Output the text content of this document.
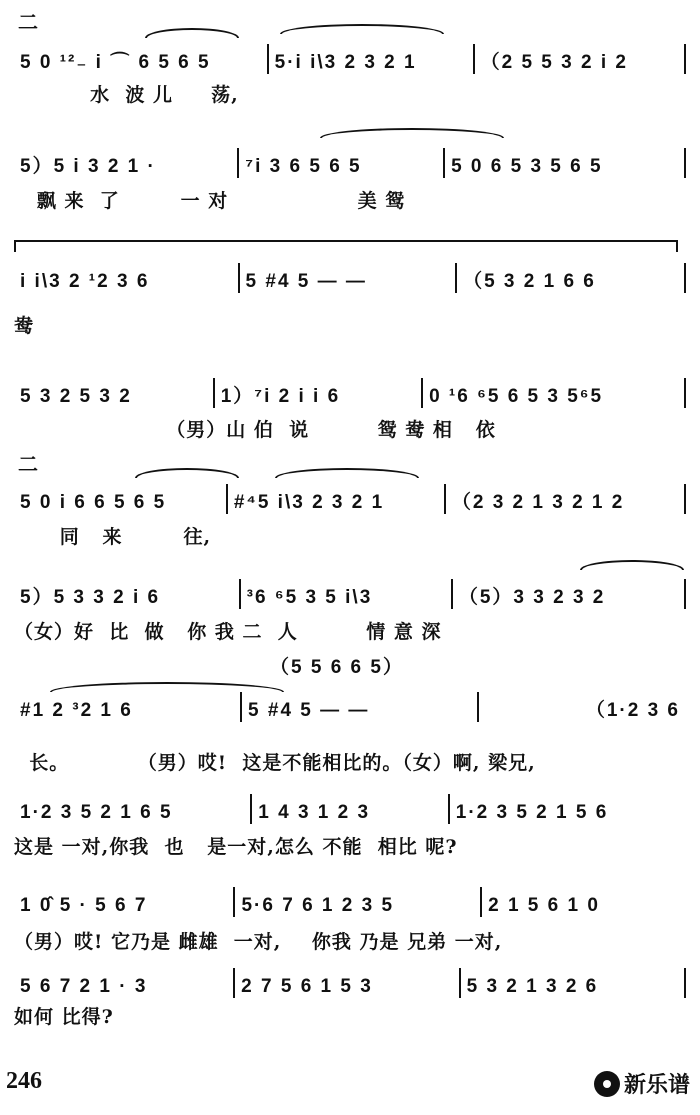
二
5 0 ¹²₋ i ⌒ 6 5 6 5	5·i i\3 2 3 2 1	（2 5 5 3 2 i 2
水  波 儿     荡,
5）5 i 3 2 1 ·	⁷i 3 6 5 6 5	5 0 6 5 3 5 6 5
飘 来  了        一 对                 美 鸳
i i\3 2 ¹2 3 6	5 #4 5 — —	（5 3 2 1 6 6
鸯
5 3 2 5 3 2	1）⁷i 2 i i 6	0 ¹6 ⁶5 6 5 3 5⁶5
（男）山 伯  说         鸳 鸯 相   依
二
5 0 i 6 6 5 6 5	#⁴5 i\3 2 3 2 1	（2 3 2 1 3 2 1 2
同   来        往,
5）5 3 3 2 i 6	³6 ⁶5 3 5 i\3	（5）3 3 2 3 2
（女）好  比  做   你 我 二  人         情 意 深
（5 5 6 6 5）
#1 2 ³2 1 6	5 #4 5 — —	（1·2 3 6
长。         （男）哎!  这是不能相比的。（女）啊, 梁兄,
1·2 3 5 2 1 6 5	1 4 3 1 2 3	1·2 3 5 2 1 5 6
这是 一对,你我  也   是一对,怎么 不能  相比 呢?
1 0̂ 5 · 5 6 7	5·6 7 6 1 2 3 5	2 1 5 6 1 0
（男）哎! 它乃是 雌雄  一对,    你我 乃是 兄弟 一对,
5 6 7 2 1 · 3	2 7 5 6 1 5 3	5 3 2 1 3 2 6
如何 比得?
246	新乐谱
